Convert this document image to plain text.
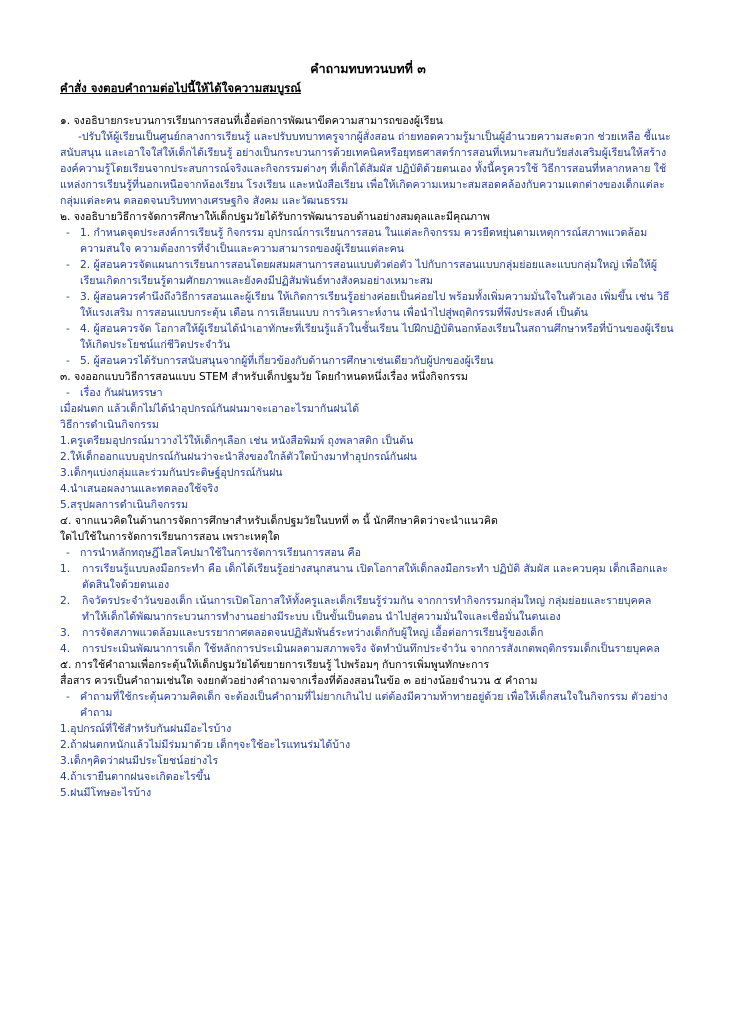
คำถามทบทวนบทที่ ๓
คำสั่ง จงตอบคำถามต่อไปนี้ให้ได้ใจความสมบูรณ์
๑. จงอธิบายกระบวนการเรียนการสอนที่เอื้อต่อการพัฒนาขีดความสามารถของผู้เรียน

-ปรับให้ผู้เรียนเป็นศูนย์กลางการเรียนรู้ และปรับบทบาทครูจากผู้สั่งสอน ถ่ายทอดความรู้มาเป็นผู้อำนวยความสะดวก ช่วยเหลือ ชี้แนะ สนับสนุน และเอาใจใส่ให้เด็กได้เรียนรู้ อย่างเป็นกระบวนการด้วยเทคนิคหรือยุทธศาสตร์การสอนที่เหมาะสมกับวัยส่งเสริมผู้เรียนให้สร้างองค์ความรู้โดยเรียนจากประสบการณ์จริงและกิจกรรมต่างๆ ที่เด็กได้สัมผัส ปฏิบัติด้วยตนเอง ทั้งนี้ครูควรใช้ วิธีการสอนที่หลากหลาย ใช้แหล่งการเรียนรู้ที่นอกเหนือจากห้องเรียน โรงเรียน และหนังสือเรียน เพื่อให้เกิดความเหมาะสมสอดคล้องกับความแตกต่างของเด็กแต่ละกลุ่มแต่ละคน ตลอดจนบริบททางเศรษฐกิจ สังคม และวัฒนธรรม

๒. จงอธิบายวิธีการจัดการศึกษาให้เด็กปฐมวัยได้รับการพัฒนารอบด้านอย่างสมดุลและมีคุณภาพ
- 1. กำหนดจุดประสงค์การเรียนรู้ กิจกรรม อุปกรณ์การเรียนการสอน ในแต่ละกิจกรรม ควรยืดหยุ่นตามเหตุการณ์สภาพแวดล้อม ความสนใจ ความต้องการที่จำเป็นและความสามารถของผู้เรียนแต่ละคน
- 2. ผู้สอนควรจัดแผนการเรียนการสอนโดยผสมผสานการสอนแบบตัวต่อตัว ไปกับการสอนแบบกลุ่มย่อยและแบบกลุ่มใหญ่ เพื่อให้ผู้เรียนเกิดการเรียนรู้ตามศักยภาพและยังคงมีปฏิสัมพันธ์ทางสังคมอย่างเหมาะสม
- 3. ผู้สอนควรคำนึงถึงวิธีการสอนและผู้เรียน ให้เกิดการเรียนรู้อย่างค่อยเป็นค่อยไป พร้อมทั้งเพิ่มความมั่นใจในตัวเอง เพิ่มขึ้น เช่น วิธีให้แรงเสริม การสอนแบบกระตุ้น เตือน การเลียนแบบ การวิเคราะห์งาน เพื่อนำไปสู่พฤติกรรมที่พึงประสงค์ เป็นต้น
- 4. ผู้สอนควรจัด โอกาสให้ผู้เรียนได้นำเอาทักษะที่เรียนรู้แล้วในชั้นเรียน ไปฝึกปฏิบัตินอกห้องเรียนในสถานศึกษาหรือที่บ้านของผู้เรียนให้เกิดประโยชน์แก่ชีวิตประจำวัน
- 5. ผู้สอนควรได้รับการสนับสนุนจากผู้ที่เกี่ยวข้องกับด้านการศึกษาเช่นเดียวกับผู้ปกของผู้เรียน
๓. จงออกแบบวิธีการสอนแบบ STEM สำหรับเด็กปฐมวัย โดยกำหนดหนึ่งเรื่อง หนึ่งกิจกรรม
- เรื่อง กันฝนหรรษา
เมื่อฝนตก แล้วเด็กไม่ได้นำอุปกรณ์กันฝนมาจะเอาอะไรมากันฝนได้
วิธีการดำเนินกิจกรรม
1.ครูเตรียมอุปกรณ์มาวางไว้ให้เด็กๆเลือก เช่น หนังสือพิมพ์ ถุงพลาสติก เป็นต้น
2.ให้เด็กออกแบบอุปกรณ์กันฝนว่าจะนำสิ่งของใกล้ตัวใดบ้างมาทำอุปกรณ์กันฝน
3.เด็กๆแบ่งกลุ่มและร่วมกันประดิษฐ์อุปกรณ์กันฝน
4.นำเสนอผลงานและทดลองใช้จริง
5.สรุปผลการดำเนินกิจกรรม
๔. จากแนวคิดในด้านการจัดการศึกษาสำหรับเด็กปฐมวัยในบทที่ ๓ นี้ นักศึกษาคิดว่าจะนำแนวคิด
ใดไปใช้ในการจัดการเรียนการสอน เพราะเหตุใด
- การนำหลักทฤษฎีไฮสโคปมาใช้ในการจัดการเรียนการสอน คือ
1.	การเรียนรู้แบบลงมือกระทำ คือ เด็กได้เรียนรู้อย่างสนุกสนาน เปิดโอกาสให้เด็กลงมือกระทำ ปฏิบัติ สัมผัส และควบคุม เด็กเลือกและตัดสินใจด้วยตนเอง
2.	กิจวัตรประจำวันของเด็ก เน้นการเปิดโอกาสให้ทั้งครูและเด็กเรียนรู้ร่วมกัน จากการทำกิจกรรมกลุ่มใหญ่ กลุ่มย่อยและรายบุคคล ทำให้เด็กได้พัฒนากระบวนการทำงานอย่างมีระบบ เป็นขั้นเป็นตอน นำไปสู่ความมั่นใจและเชื่อมั่นในตนเอง
3.	การจัดสภาพแวดล้อมและบรรยากาศตลอดจนปฏิสัมพันธ์ระหว่างเด็กกับผู้ใหญ่ เอื้อต่อการเรียนรู้ของเด็ก
4.	การประเมินพัฒนาการเด็ก ใช้หลักการประเมินผลตามสภาพจริง จัดทำบันทึกประจำวัน จากการสังเกตพฤติกรรมเด็กเป็นรายบุคคล
๕. การใช้คำถามเพื่อกระตุ้นให้เด็กปฐมวัยได้ขยายการเรียนรู้ ไปพร้อมๆ กับการเพิ่มพูนทักษะการ
สื่อสาร ควรเป็นคำถามเช่นใด จงยกตัวอย่างคำถามจากเรื่องที่ต้องสอนในข้อ ๓ อย่างน้อยจำนวน ๕ คำถาม
- คำถามที่ใช้กระตุ้นความคิดเด็ก จะต้องเป็นคำถามที่ไม่ยากเกินไป แต่ต้องมีความท้าทายอยู่ด้วย เพื่อให้เด็กสนใจในกิจกรรม ตัวอย่างคำถาม
1.อุปกรณ์ที่ใช้สำหรับกันฝนมีอะไรบ้าง
2.ถ้าฝนตกหนักแล้วไม่มีร่มมาด้วย เด็กๆจะใช้อะไรแทนร่มได้บ้าง
3.เด็กๆคิดว่าฝนมีประโยชน์อย่างไร
4.ถ้าเรายืนตากฝนจะเกิดอะไรขึ้น
5.ฝนมีโทษอะไรบ้าง
